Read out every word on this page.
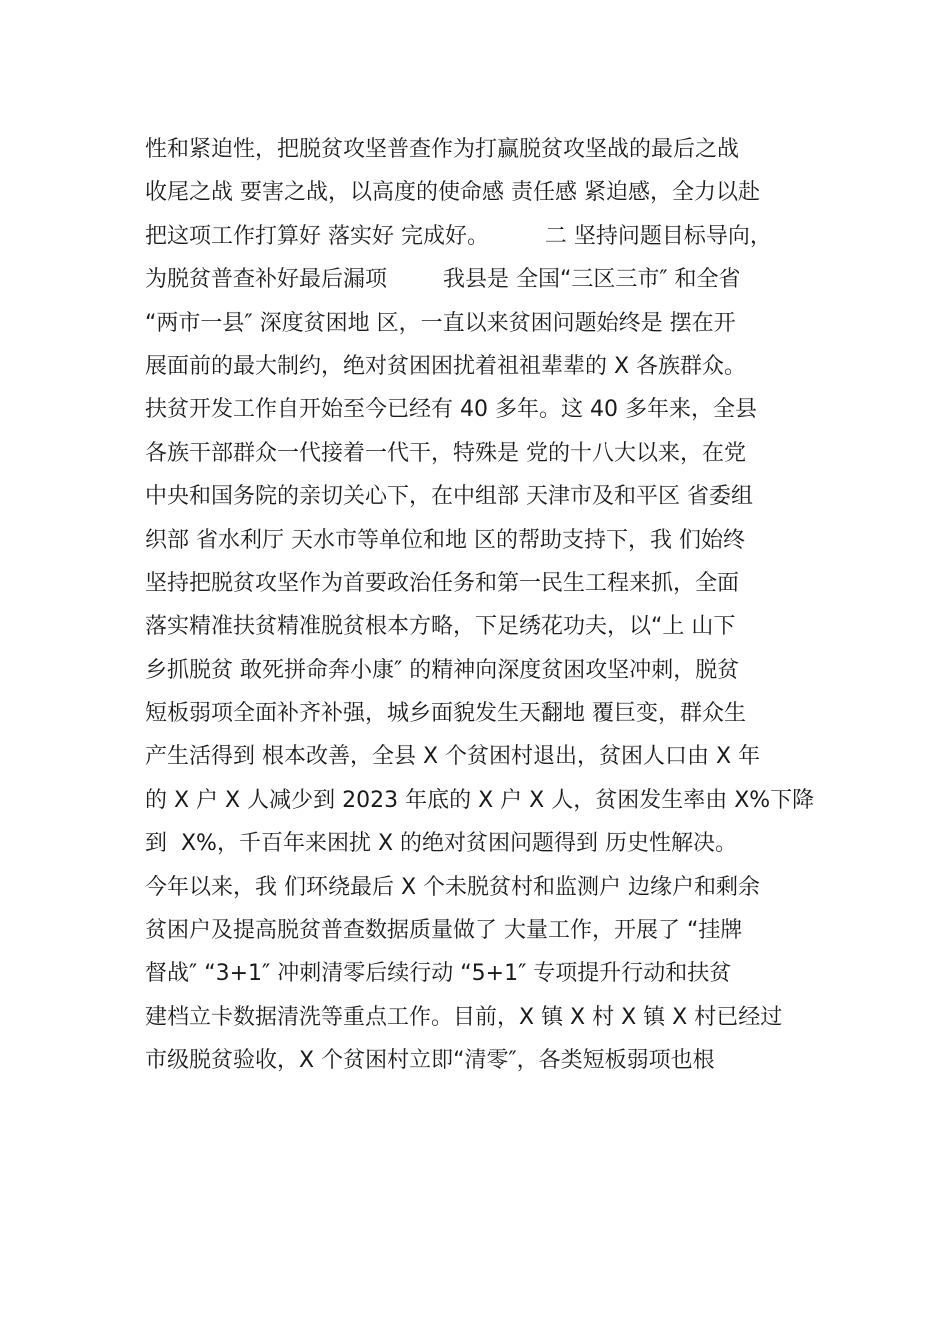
性和紧迫性，把脱贫攻坚普查作为打赢脱贫攻坚战的最后之战
收尾之战 要害之战，以高度的使命感 责任感 紧迫感，全力以赴
把这项工作打算好 落实好 完成好。        二 坚持问题目标导向，
为脱贫普查补好最后漏项        我县是 全国“三区三市″ 和全省
“两市一县″ 深度贫困地 区，一直以来贫困问题始终是 摆在开
展面前的最大制约，绝对贫困困扰着祖祖辈辈的 X 各族群众。
扶贫开发工作自开始至今已经有 40 多年。这 40 多年来，全县
各族干部群众一代接着一代干，特殊是 党的十八大以来，在党
中央和国务院的亲切关心下，在中组部 天津市及和平区 省委组
织部 省水利厅 天水市等单位和地 区的帮助支持下，我 们始终
坚持把脱贫攻坚作为首要政治任务和第一民生工程来抓，全面
落实精准扶贫精准脱贫根本方略，下足绣花功夫，以“上 山下
乡抓脱贫 敢死拼命奔小康″ 的精神向深度贫困攻坚冲刺，脱贫
短板弱项全面补齐补强，城乡面貌发生天翻地 覆巨变，群众生
产生活得到 根本改善，全县 X 个贫困村退出，贫困人口由 X 年
的 X 户 X 人减少到 2023 年底的 X 户 X 人，贫困发生率由 X%下降
到  X%，千百年来困扰 X 的绝对贫困问题得到 历史性解决。
今年以来，我 们环绕最后 X 个未脱贫村和监测户 边缘户和剩余
贫困户及提高脱贫普查数据质量做了 大量工作，开展了 “挂牌
督战″ “3+1″ 冲刺清零后续行动 “5+1″ 专项提升行动和扶贫
建档立卡数据清洗等重点工作。目前，X 镇 X 村 X 镇 X 村已经过
市级脱贫验收，X 个贫困村立即“清零″，各类短板弱项也根
